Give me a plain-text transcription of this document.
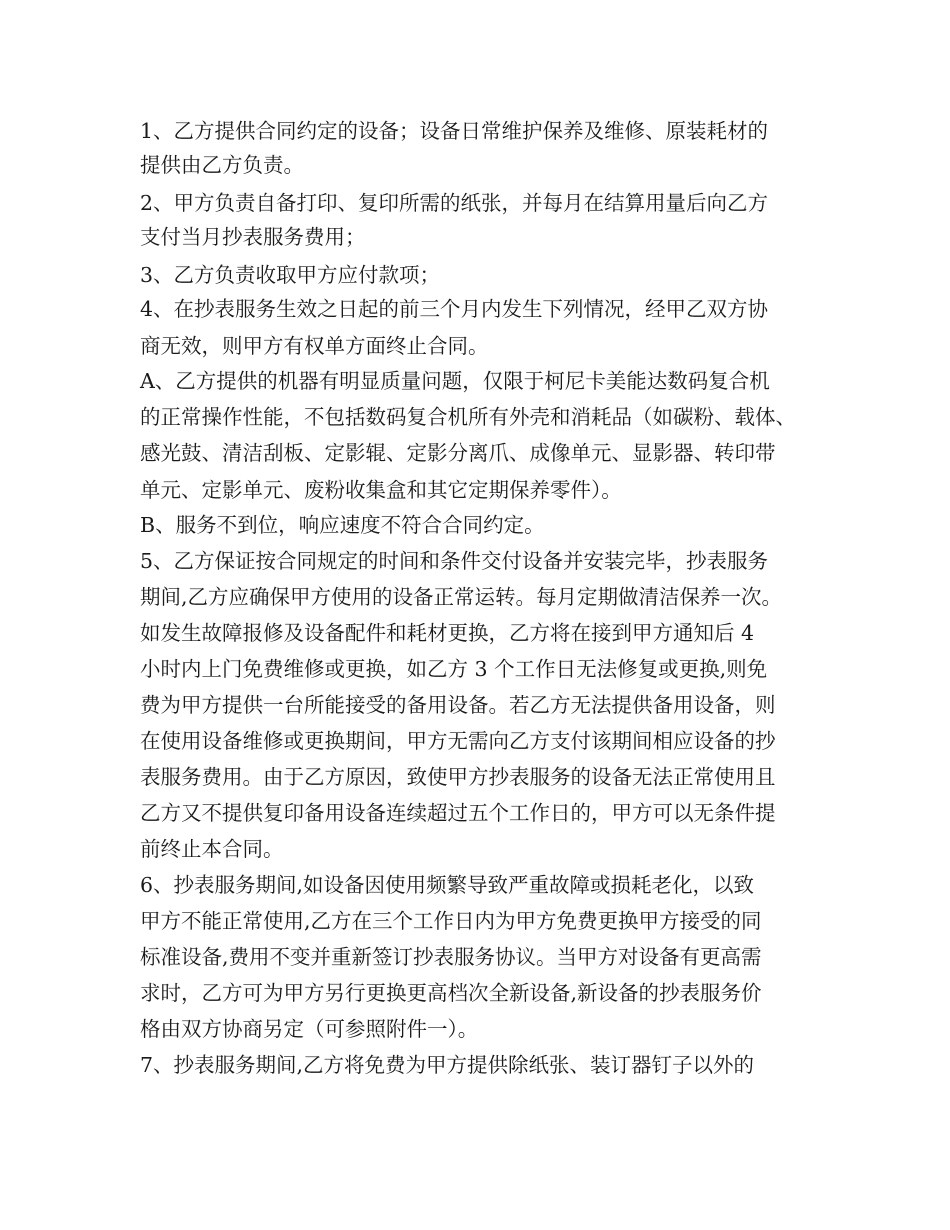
1、乙方提供合同约定的设备；设备日常维护保养及维修、原装耗材的
提供由乙方负责。
2、甲方负责自备打印、复印所需的纸张，并每月在结算用量后向乙方
支付当月抄表服务费用；
3、乙方负责收取甲方应付款项；
4、在抄表服务生效之日起的前三个月内发生下列情况，经甲乙双方协
商无效，则甲方有权单方面终止合同。
A、乙方提供的机器有明显质量问题，仅限于柯尼卡美能达数码复合机
的正常操作性能，不包括数码复合机所有外壳和消耗品（如碳粉、载体、
感光鼓、清洁刮板、定影辊、定影分离爪、成像单元、显影器、转印带
单元、定影单元、废粉收集盒和其它定期保养零件）。
B、服务不到位，响应速度不符合合同约定。
5、乙方保证按合同规定的时间和条件交付设备并安装完毕，抄表服务
期间,乙方应确保甲方使用的设备正常运转。每月定期做清洁保养一次。
如发生故障报修及设备配件和耗材更换，乙方将在接到甲方通知后 4
小时内上门免费维修或更换，如乙方 3 个工作日无法修复或更换,则免
费为甲方提供一台所能接受的备用设备。若乙方无法提供备用设备，则
在使用设备维修或更换期间，甲方无需向乙方支付该期间相应设备的抄
表服务费用。由于乙方原因，致使甲方抄表服务的设备无法正常使用且
乙方又不提供复印备用设备连续超过五个工作日的，甲方可以无条件提
前终止本合同。
6、抄表服务期间,如设备因使用频繁导致严重故障或损耗老化，以致
甲方不能正常使用,乙方在三个工作日内为甲方免费更换甲方接受的同
标准设备,费用不变并重新签订抄表服务协议。当甲方对设备有更高需
求时，乙方可为甲方另行更换更高档次全新设备,新设备的抄表服务价
格由双方协商另定（可参照附件一）。
7、抄表服务期间,乙方将免费为甲方提供除纸张、装订器钉子以外的
